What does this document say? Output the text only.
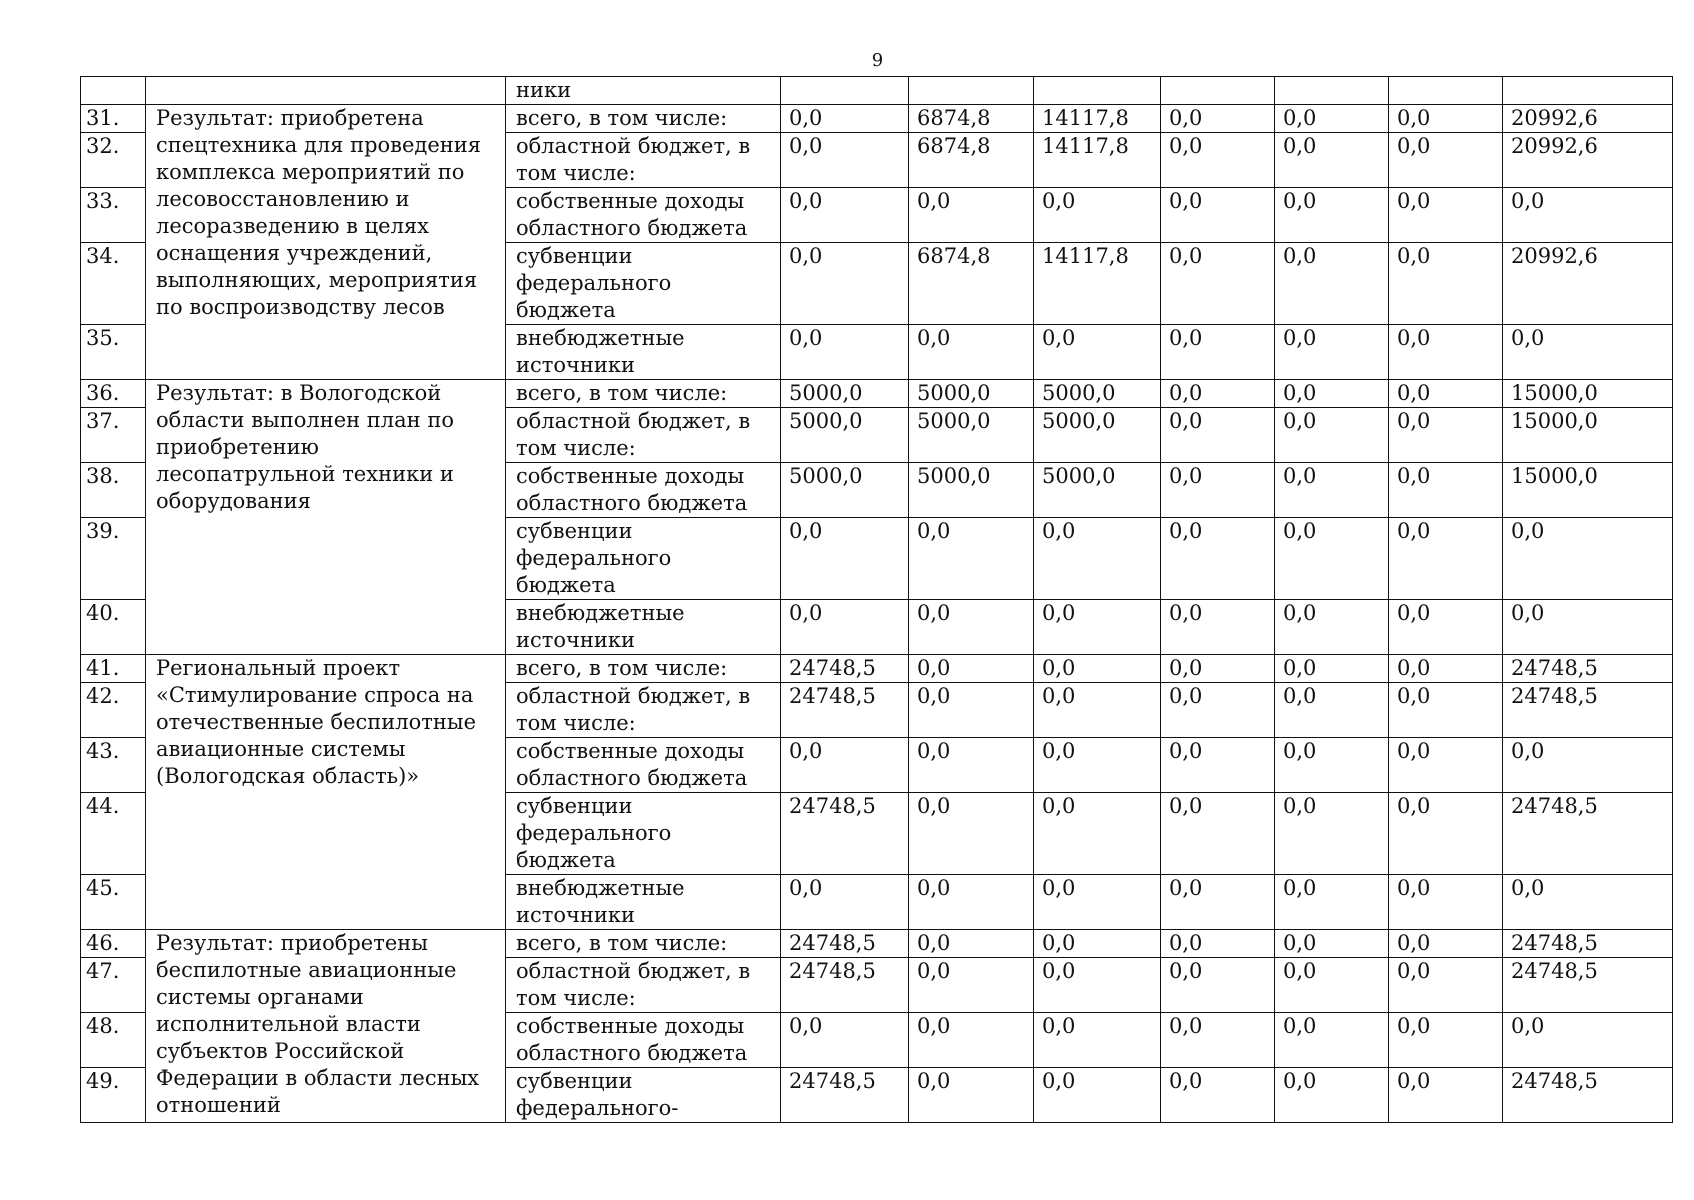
9
		ники							
31.	Результат: приобретена спецтехника для проведения комплекса мероприятий по лесовосстановлению и лесоразведению в целях оснащения учреждений, выполняющих, мероприятия по воспроизводству лесов	всего, в том числе:	0,0	6874,8	14117,8	0,0	0,0	0,0	20992,6
32.		областной бюджет, в том числе:	0,0	6874,8	14117,8	0,0	0,0	0,0	20992,6
33.		собственные доходы областного бюджета	0,0	0,0	0,0	0,0	0,0	0,0	0,0
34.		субвенции федерального бюджета	0,0	6874,8	14117,8	0,0	0,0	0,0	20992,6
35.		внебюджетные источники	0,0	0,0	0,0	0,0	0,0	0,0	0,0
36.	Результат: в Вологодской области выполнен план по приобретению лесопатрульной техники и оборудования	всего, в том числе:	5000,0	5000,0	5000,0	0,0	0,0	0,0	15000,0
37.		областной бюджет, в том числе:	5000,0	5000,0	5000,0	0,0	0,0	0,0	15000,0
38.		собственные доходы областного бюджета	5000,0	5000,0	5000,0	0,0	0,0	0,0	15000,0
39.		субвенции федерального бюджета	0,0	0,0	0,0	0,0	0,0	0,0	0,0
40.		внебюджетные источники	0,0	0,0	0,0	0,0	0,0	0,0	0,0
41.	Региональный проект «Стимулирование спроса на отечественные беспилотные авиационные системы (Вологодская область)»	всего, в том числе:	24748,5	0,0	0,0	0,0	0,0	0,0	24748,5
42.		областной бюджет, в том числе:	24748,5	0,0	0,0	0,0	0,0	0,0	24748,5
43.		собственные доходы областного бюджета	0,0	0,0	0,0	0,0	0,0	0,0	0,0
44.		субвенции федерального бюджета	24748,5	0,0	0,0	0,0	0,0	0,0	24748,5
45.		внебюджетные источники	0,0	0,0	0,0	0,0	0,0	0,0	0,0
46.	Результат: приобретены беспилотные авиационные системы органами исполнительной власти субъектов Российской Федерации в области лесных отношений	всего, в том числе:	24748,5	0,0	0,0	0,0	0,0	0,0	24748,5
47.		областной бюджет, в том числе:	24748,5	0,0	0,0	0,0	0,0	0,0	24748,5
48.		собственные доходы областного бюджета	0,0	0,0	0,0	0,0	0,0	0,0	0,0
49.		субвенции федерального-	24748,5	0,0	0,0	0,0	0,0	0,0	24748,5
